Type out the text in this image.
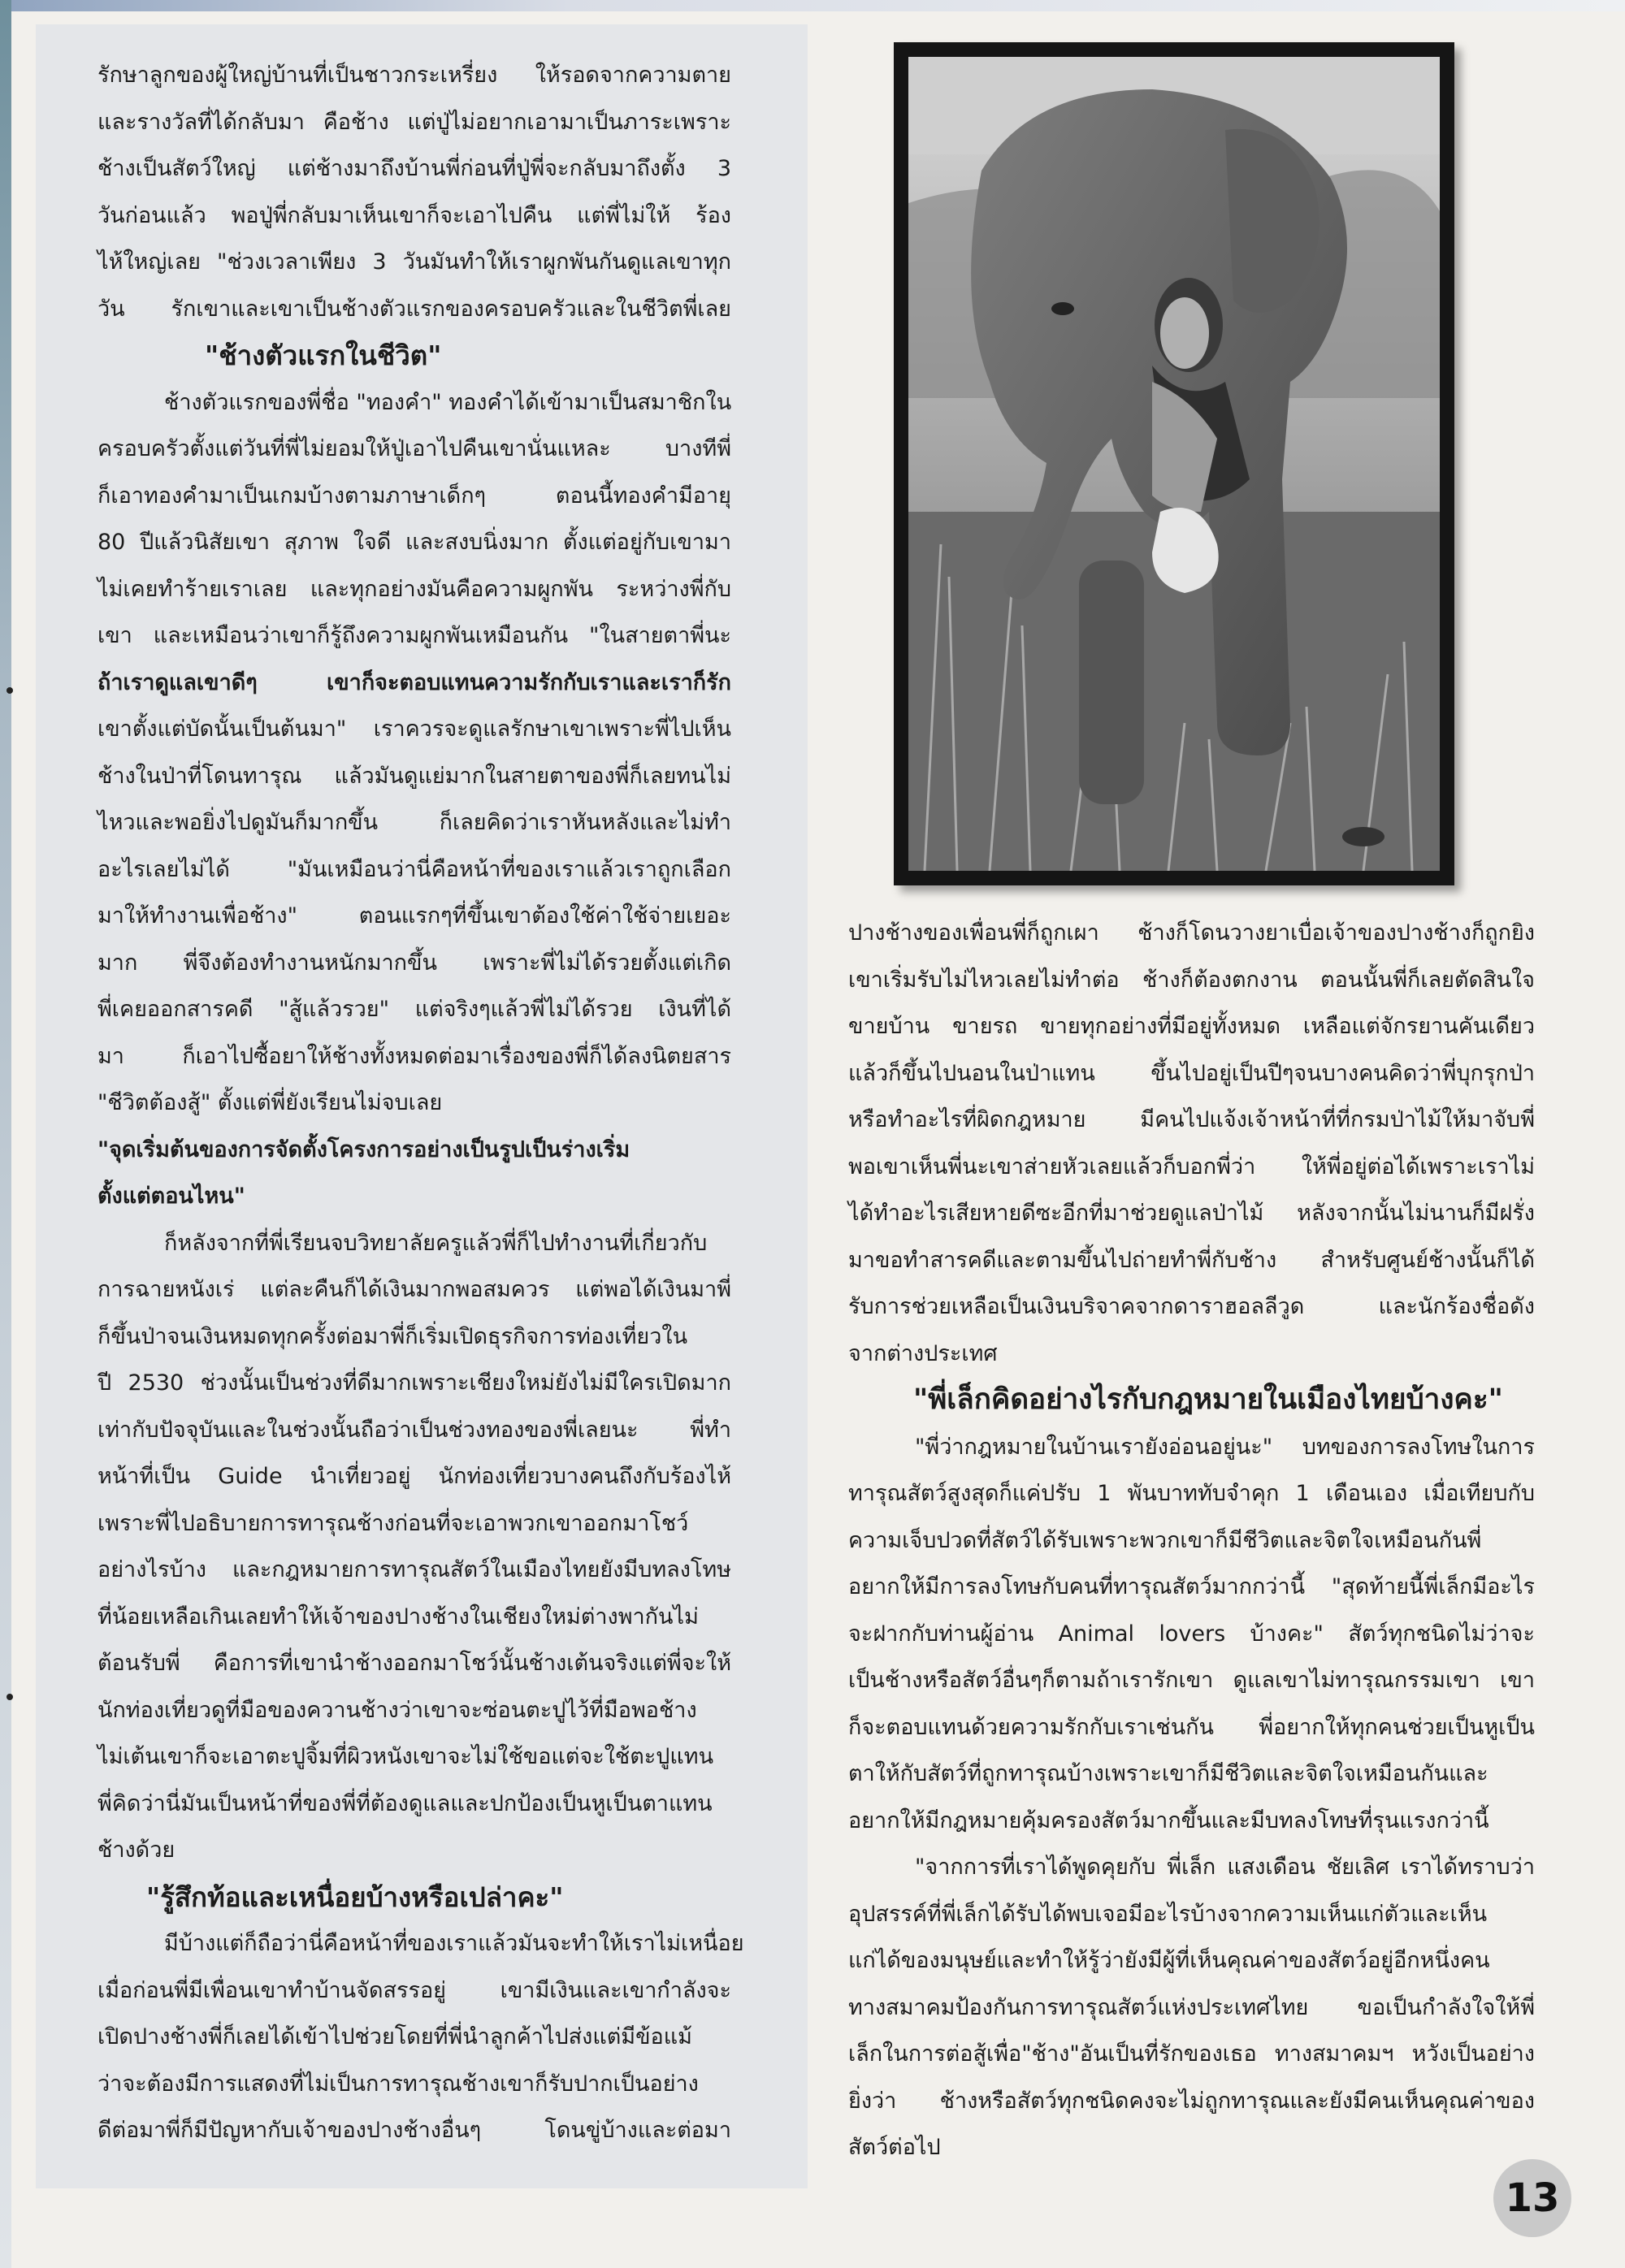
รักษาลูกของผู้ใหญ่บ้านที่เป็นชาวกระเหรี่ยง ให้รอดจากความตาย

และรางวัลที่ได้กลับมา คือช้าง แต่ปู่ไม่อยากเอามาเป็นภาระเพราะ

ช้างเป็นสัตว์ใหญ่ แต่ช้างมาถึงบ้านพี่ก่อนที่ปู่พี่จะกลับมาถึงตั้ง 3

วันก่อนแล้ว พอปู่พี่กลับมาเห็นเขาก็จะเอาไปคืน แต่พี่ไม่ให้ ร้อง

ไห้ใหญ่เลย "ช่วงเวลาเพียง 3 วันมันทำให้เราผูกพันกันดูแลเขาทุก

วัน รักเขาและเขาเป็นช้างตัวแรกของครอบครัวและในชีวิตพี่เลย

"ช้างตัวแรกในชีวิต"

ช้างตัวแรกของพี่ชื่อ "ทองคำ" ทองคำได้เข้ามาเป็นสมาชิกใน

ครอบครัวตั้งแต่วันที่พี่ไม่ยอมให้ปู่เอาไปคืนเขานั่นแหละ บางทีพี่

ก็เอาทองคำมาเป็นเกมบ้างตามภาษาเด็กๆ ตอนนี้ทองคำมีอายุ

80 ปีแล้วนิสัยเขา สุภาพ ใจดี และสงบนิ่งมาก ตั้งแต่อยู่กับเขามา

ไม่เคยทำร้ายเราเลย และทุกอย่างมันคือความผูกพัน ระหว่างพี่กับ

เขา และเหมือนว่าเขาก็รู้ถึงความผูกพันเหมือนกัน "ในสายตาพี่นะ

ถ้าเราดูแลเขาดีๆ เขาก็จะตอบแทนความรักกับเราและเราก็รัก

เขาตั้งแต่บัดนั้นเป็นต้นมา" เราควรจะดูแลรักษาเขาเพราะพี่ไปเห็น

ช้างในป่าที่โดนทารุณ แล้วมันดูแย่มากในสายตาของพี่ก็เลยทนไม่

ไหวและพอยิ่งไปดูมันก็มากขึ้น ก็เลยคิดว่าเราหันหลังและไม่ทำ

อะไรเลยไม่ได้ "มันเหมือนว่านี่คือหน้าที่ของเราแล้วเราถูกเลือก

มาให้ทำงานเพื่อช้าง" ตอนแรกๆที่ขึ้นเขาต้องใช้ค่าใช้จ่ายเยอะ

มาก พี่จึงต้องทำงานหนักมากขึ้น เพราะพี่ไม่ได้รวยตั้งแต่เกิด

พี่เคยออกสารคดี "สู้แล้วรวย" แต่จริงๆแล้วพี่ไม่ได้รวย เงินที่ได้

มา ก็เอาไปซื้อยาให้ช้างทั้งหมดต่อมาเรื่องของพี่ก็ได้ลงนิตยสาร

"ชีวิตต้องสู้" ตั้งแต่พี่ยังเรียนไม่จบเลย

"จุดเริ่มต้นของการจัดตั้งโครงการอย่างเป็นรูปเป็นร่างเริ่ม

ตั้งแต่ตอนไหน"

ก็หลังจากที่พี่เรียนจบวิทยาลัยครูแล้วพี่ก็ไปทำงานที่เกี่ยวกับ

การฉายหนังเร่ แต่ละคืนก็ได้เงินมากพอสมควร แต่พอได้เงินมาพี่

ก็ขึ้นป่าจนเงินหมดทุกครั้งต่อมาพี่ก็เริ่มเปิดธุรกิจการท่องเที่ยวใน

ปี 2530 ช่วงนั้นเป็นช่วงที่ดีมากเพราะเชียงใหม่ยังไม่มีใครเปิดมาก

เท่ากับปัจจุบันและในช่วงนั้นถือว่าเป็นช่วงทองของพี่เลยนะ พี่ทำ

หน้าที่เป็น Guide นำเที่ยวอยู่ นักท่องเที่ยวบางคนถึงกับร้องไห้

เพราะพี่ไปอธิบายการทารุณช้างก่อนที่จะเอาพวกเขาออกมาโชว์

อย่างไรบ้าง และกฎหมายการทารุณสัตว์ในเมืองไทยยังมีบทลงโทษ

ที่น้อยเหลือเกินเลยทำให้เจ้าของปางช้างในเชียงใหม่ต่างพากันไม่

ต้อนรับพี่ คือการที่เขานำช้างออกมาโชว์นั้นช้างเต้นจริงแต่พี่จะให้

นักท่องเที่ยวดูที่มือของควานช้างว่าเขาจะซ่อนตะปูไว้ที่มือพอช้าง

ไม่เต้นเขาก็จะเอาตะปูจิ้มที่ผิวหนังเขาจะไม่ใช้ขอแต่จะใช้ตะปูแทน

พี่คิดว่านี่มันเป็นหน้าที่ของพี่ที่ต้องดูแลและปกป้องเป็นหูเป็นตาแทน

ช้างด้วย

"รู้สึกท้อและเหนื่อยบ้างหรือเปล่าคะ"

มีบ้างแต่ก็ถือว่านี่คือหน้าที่ของเราแล้วมันจะทำให้เราไม่เหนื่อย

เมื่อก่อนพี่มีเพื่อนเขาทำบ้านจัดสรรอยู่ เขามีเงินและเขากำลังจะ

เปิดปางช้างพี่ก็เลยได้เข้าไปช่วยโดยที่พี่นำลูกค้าไปส่งแต่มีข้อแม้

ว่าจะต้องมีการแสดงที่ไม่เป็นการทารุณช้างเขาก็รับปากเป็นอย่าง

ดีต่อมาพี่ก็มีปัญหากับเจ้าของปางช้างอื่นๆ โดนขู่บ้างและต่อมา

ปางช้างของเพื่อนพี่ก็ถูกเผา ช้างก็โดนวางยาเบื่อเจ้าของปางช้างก็ถูกยิง

เขาเริ่มรับไม่ไหวเลยไม่ทำต่อ ช้างก็ต้องตกงาน ตอนนั้นพี่ก็เลยตัดสินใจ

ขายบ้าน ขายรถ ขายทุกอย่างที่มีอยู่ทั้งหมด เหลือแต่จักรยานคันเดียว

แล้วก็ขึ้นไปนอนในป่าแทน ขึ้นไปอยู่เป็นปีๆจนบางคนคิดว่าพี่บุกรุกป่า

หรือทำอะไรที่ผิดกฎหมาย มีคนไปแจ้งเจ้าหน้าที่ที่กรมป่าไม้ให้มาจับพี่

พอเขาเห็นพี่นะเขาส่ายหัวเลยแล้วก็บอกพี่ว่า ให้พี่อยู่ต่อได้เพราะเราไม่

ได้ทำอะไรเสียหายดีซะอีกที่มาช่วยดูแลป่าไม้ หลังจากนั้นไม่นานก็มีฝรั่ง

มาขอทำสารคดีและตามขึ้นไปถ่ายทำพี่กับช้าง สำหรับศูนย์ช้างนั้นก็ได้

รับการช่วยเหลือเป็นเงินบริจาคจากดาราฮอลลีวูด และนักร้องชื่อดัง

จากต่างประเทศ

"พี่เล็กคิดอย่างไรกับกฎหมายในเมืองไทยบ้างคะ"

"พี่ว่ากฎหมายในบ้านเรายังอ่อนอยู่นะ" บทของการลงโทษในการ

ทารุณสัตว์สูงสุดก็แค่ปรับ 1 พันบาททับจำคุก 1 เดือนเอง เมื่อเทียบกับ

ความเจ็บปวดที่สัตว์ได้รับเพราะพวกเขาก็มีชีวิตและจิตใจเหมือนกันพี่

อยากให้มีการลงโทษกับคนที่ทารุณสัตว์มากกว่านี้ "สุดท้ายนี้พี่เล็กมีอะไร

จะฝากกับท่านผู้อ่าน Animal lovers บ้างคะ" สัตว์ทุกชนิดไม่ว่าจะ

เป็นช้างหรือสัตว์อื่นๆก็ตามถ้าเรารักเขา ดูแลเขาไม่ทารุณกรรมเขา เขา

ก็จะตอบแทนด้วยความรักกับเราเช่นกัน พี่อยากให้ทุกคนช่วยเป็นหูเป็น

ตาให้กับสัตว์ที่ถูกทารุณบ้างเพราะเขาก็มีชีวิตและจิตใจเหมือนกันและ

อยากให้มีกฎหมายคุ้มครองสัตว์มากขึ้นและมีบทลงโทษที่รุนแรงกว่านี้

"จากการที่เราได้พูดคุยกับ พี่เล็ก แสงเดือน ชัยเลิศ เราได้ทราบว่า

อุปสรรค์ที่พี่เล็กได้รับได้พบเจอมีอะไรบ้างจากความเห็นแก่ตัวและเห็น

แก่ได้ของมนุษย์และทำให้รู้ว่ายังมีผู้ที่เห็นคุณค่าของสัตว์อยู่อีกหนึ่งคน

ทางสมาคมป้องกันการทารุณสัตว์แห่งประเทศไทย ขอเป็นกำลังใจให้พี่

เล็กในการต่อสู้เพื่อ"ช้าง"อันเป็นที่รักของเธอ ทางสมาคมฯ หวังเป็นอย่าง

ยิ่งว่า ช้างหรือสัตว์ทุกชนิดคงจะไม่ถูกทารุณและยังมีคนเห็นคุณค่าของ

สัตว์ต่อไป

13
